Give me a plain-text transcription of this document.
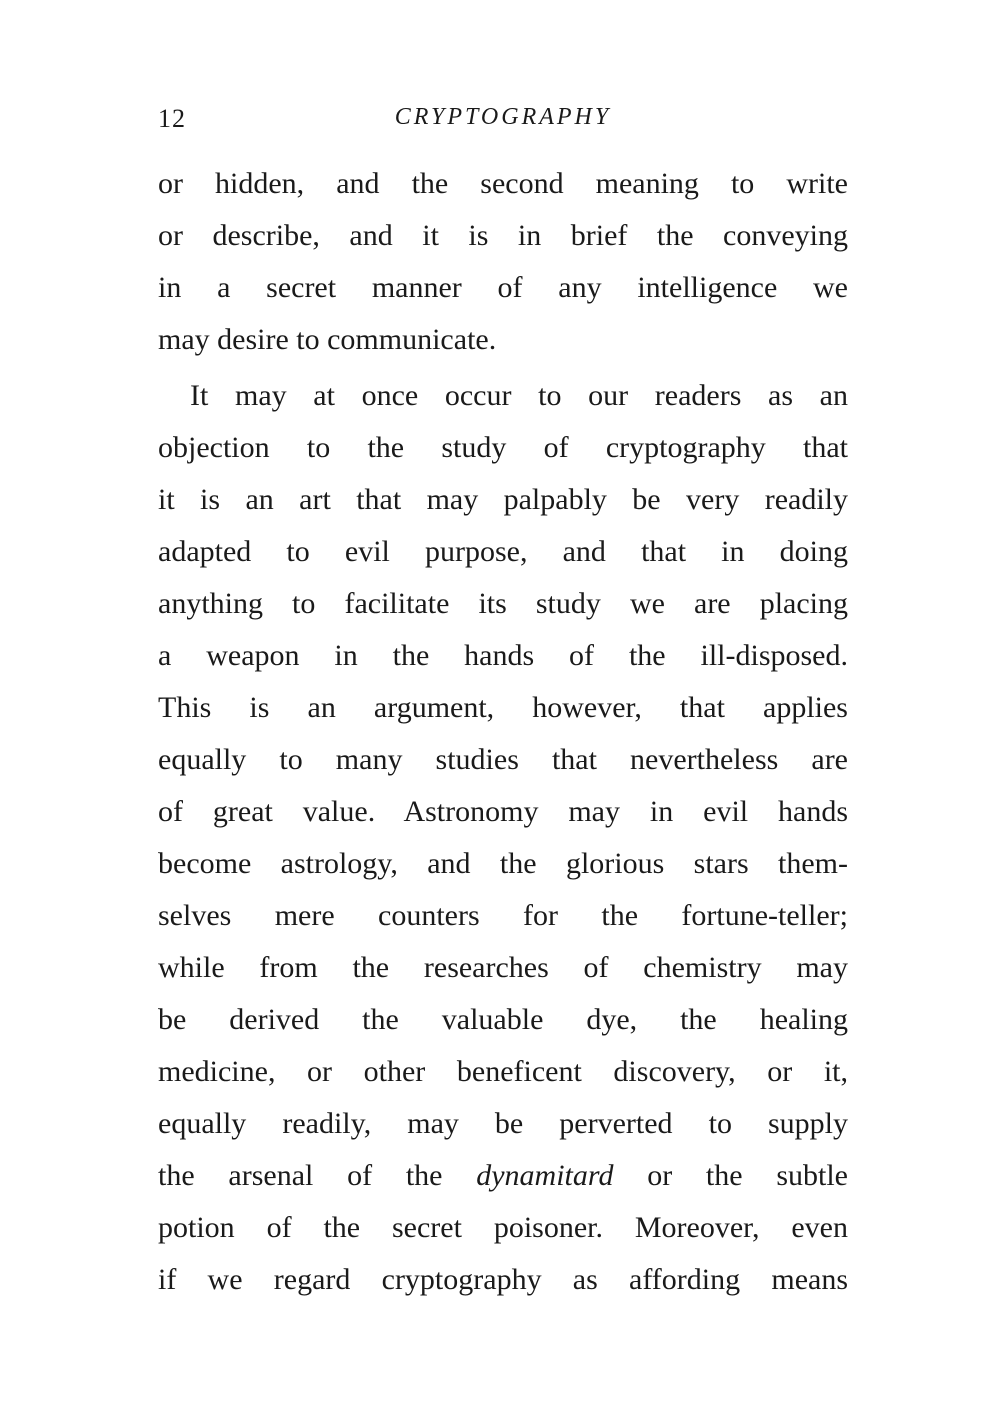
12	CRYPTOGRAPHY
or hidden, and the second meaning to write
or describe, and it is in brief the conveying
in a secret manner of any intelligence we
may desire to communicate.
It may at once occur to our readers as an
objection to the study of cryptography that
it is an art that may palpably be very readily
adapted to evil purpose, and that in doing
anything to facilitate its study we are placing
a weapon in the hands of the ill-disposed.
This is an argument, however, that applies
equally to many studies that nevertheless are
of great value. Astronomy may in evil hands
become astrology, and the glorious stars them-
selves mere counters for the fortune-teller;
while from the researches of chemistry may
be derived the valuable dye, the healing
medicine, or other beneficent discovery, or it,
equally readily, may be perverted to supply
the arsenal of the dynamitard or the subtle
potion of the secret poisoner. Moreover, even
if we regard cryptography as affording means
